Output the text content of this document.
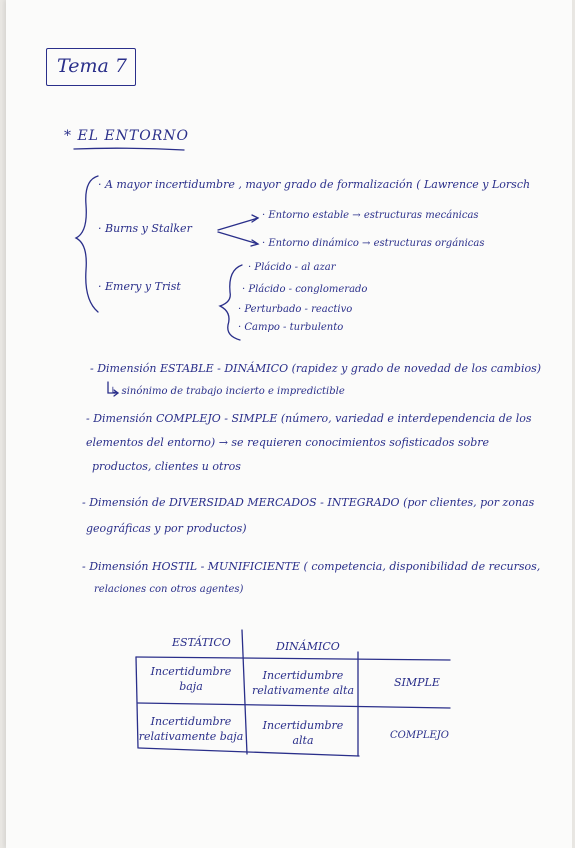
Tema 7
* EL ENTORNO
· A mayor incertidumbre , mayor grado de formalización ( Lawrence y Lorsch
· Burns y Stalker
· Entorno estable → estructuras mecánicas
· Entorno dinámico → estructuras orgánicas
· Emery y Trist
· Plácido - al azar
· Plácido - conglomerado
· Perturbado - reactivo
· Campo - turbulento
- Dimensión ESTABLE - DINÁMICO (rapidez y grado de novedad de los cambios)
↳ sinónimo de trabajo incierto e impredictible
- Dimensión COMPLEJO - SIMPLE (número, variedad e interdependencia de los
elementos del entorno) → se requieren conocimientos sofisticados sobre
productos, clientes u otros
- Dimensión de DIVERSIDAD MERCADOS - INTEGRADO (por clientes, por zonas
geográficas y por productos)
- Dimensión HOSTIL - MUNIFICIENTE ( competencia, disponibilidad de recursos,
relaciones con otros agentes)
ESTÁTICO	DINÁMICO
SIMPLE
COMPLEJO
Incertidumbre baja
Incertidumbre relativamente alta
Incertidumbre relativamente baja
Incertidumbre alta
